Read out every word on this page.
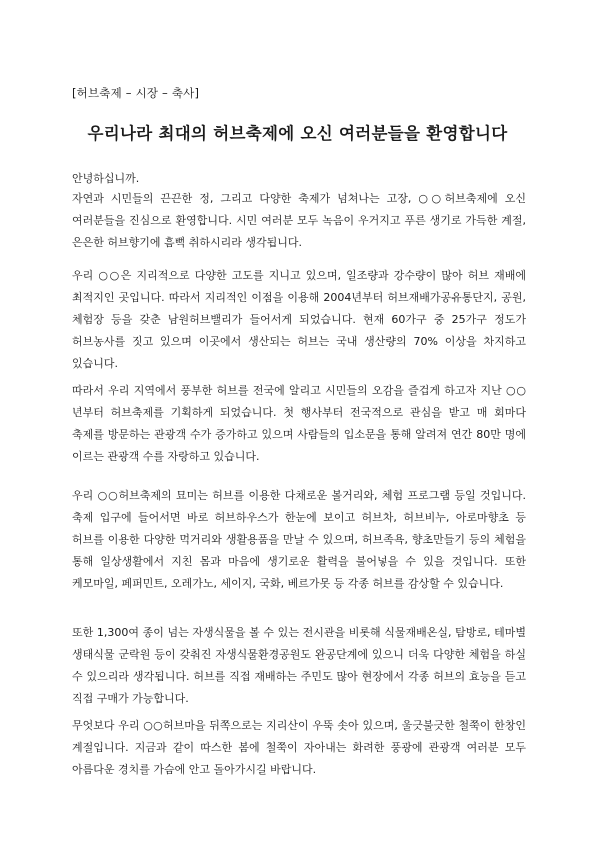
[허브축제 – 시장 – 축사]
우리나라 최대의 허브축제에 오신 여러분들을 환영합니다
안녕하십니까.

자연과 시민들의 끈끈한 정, 그리고 다양한 축제가 넘쳐나는 고장, ○○허브축제에 오신 여러분들을 진심으로 환영합니다. 시민 여러분 모두 녹음이 우거지고 푸른 생기로 가득한 계절, 은은한 허브향기에 흠뻑 취하시리라 생각됩니다.

우리 ○○은 지리적으로 다양한 고도를 지니고 있으며, 일조량과 강수량이 많아 허브 재배에 최적지인 곳입니다. 따라서 지리적인 이점을 이용해 2004년부터 허브재배가공유통단지, 공원, 체험장 등을 갖춘 남원허브밸리가 들어서게 되었습니다. 현재 60가구 중 25가구 정도가 허브농사를 짓고 있으며 이곳에서 생산되는 허브는 국내 생산량의 70% 이상을 차지하고 있습니다.

따라서 우리 지역에서 풍부한 허브를 전국에 알리고 시민들의 오감을 즐겁게 하고자 지난 ○○년부터 허브축제를 기획하게 되었습니다. 첫 행사부터 전국적으로 관심을 받고 매 회마다 축제를 방문하는 관광객 수가 증가하고 있으며 사람들의 입소문을 통해 알려져 연간 80만 명에 이르는 관광객 수를 자랑하고 있습니다.

우리 ○○허브축제의 묘미는 허브를 이용한 다채로운 볼거리와, 체험 프로그램 등일 것입니다. 축제 입구에 들어서면 바로 허브하우스가 한눈에 보이고 허브차, 허브비누, 아로마향초 등 허브를 이용한 다양한 먹거리와 생활용품을 만날 수 있으며, 허브족욕, 향초만들기 등의 체험을 통해 일상생활에서 지친 몸과 마음에 생기로운 활력을 불어넣을 수 있을 것입니다. 또한 케모마일, 페퍼민트, 오레가노, 세이지, 국화, 베르가못 등 각종 허브를 감상할 수 있습니다.

또한 1,300여 종이 넘는 자생식물을 볼 수 있는 전시관을 비롯해 식물재배온실, 탐방로, 테마별 생태식물 군락원 등이 갖춰진 자생식물환경공원도 완공단계에 있으니 더욱 다양한 체험을 하실 수 있으리라 생각됩니다. 허브를 직접 재배하는 주민도 많아 현장에서 각종 허브의 효능을 듣고 직접 구매가 가능합니다.

무엇보다 우리 ○○허브마을 뒤쪽으로는 지리산이 우뚝 솟아 있으며, 울긋불긋한 철쭉이 한창인 계절입니다. 지금과 같이 따스한 봄에 철쭉이 자아내는 화려한 풍광에 관광객 여러분 모두 아름다운 경치를 가슴에 안고 돌아가시길 바랍니다.
